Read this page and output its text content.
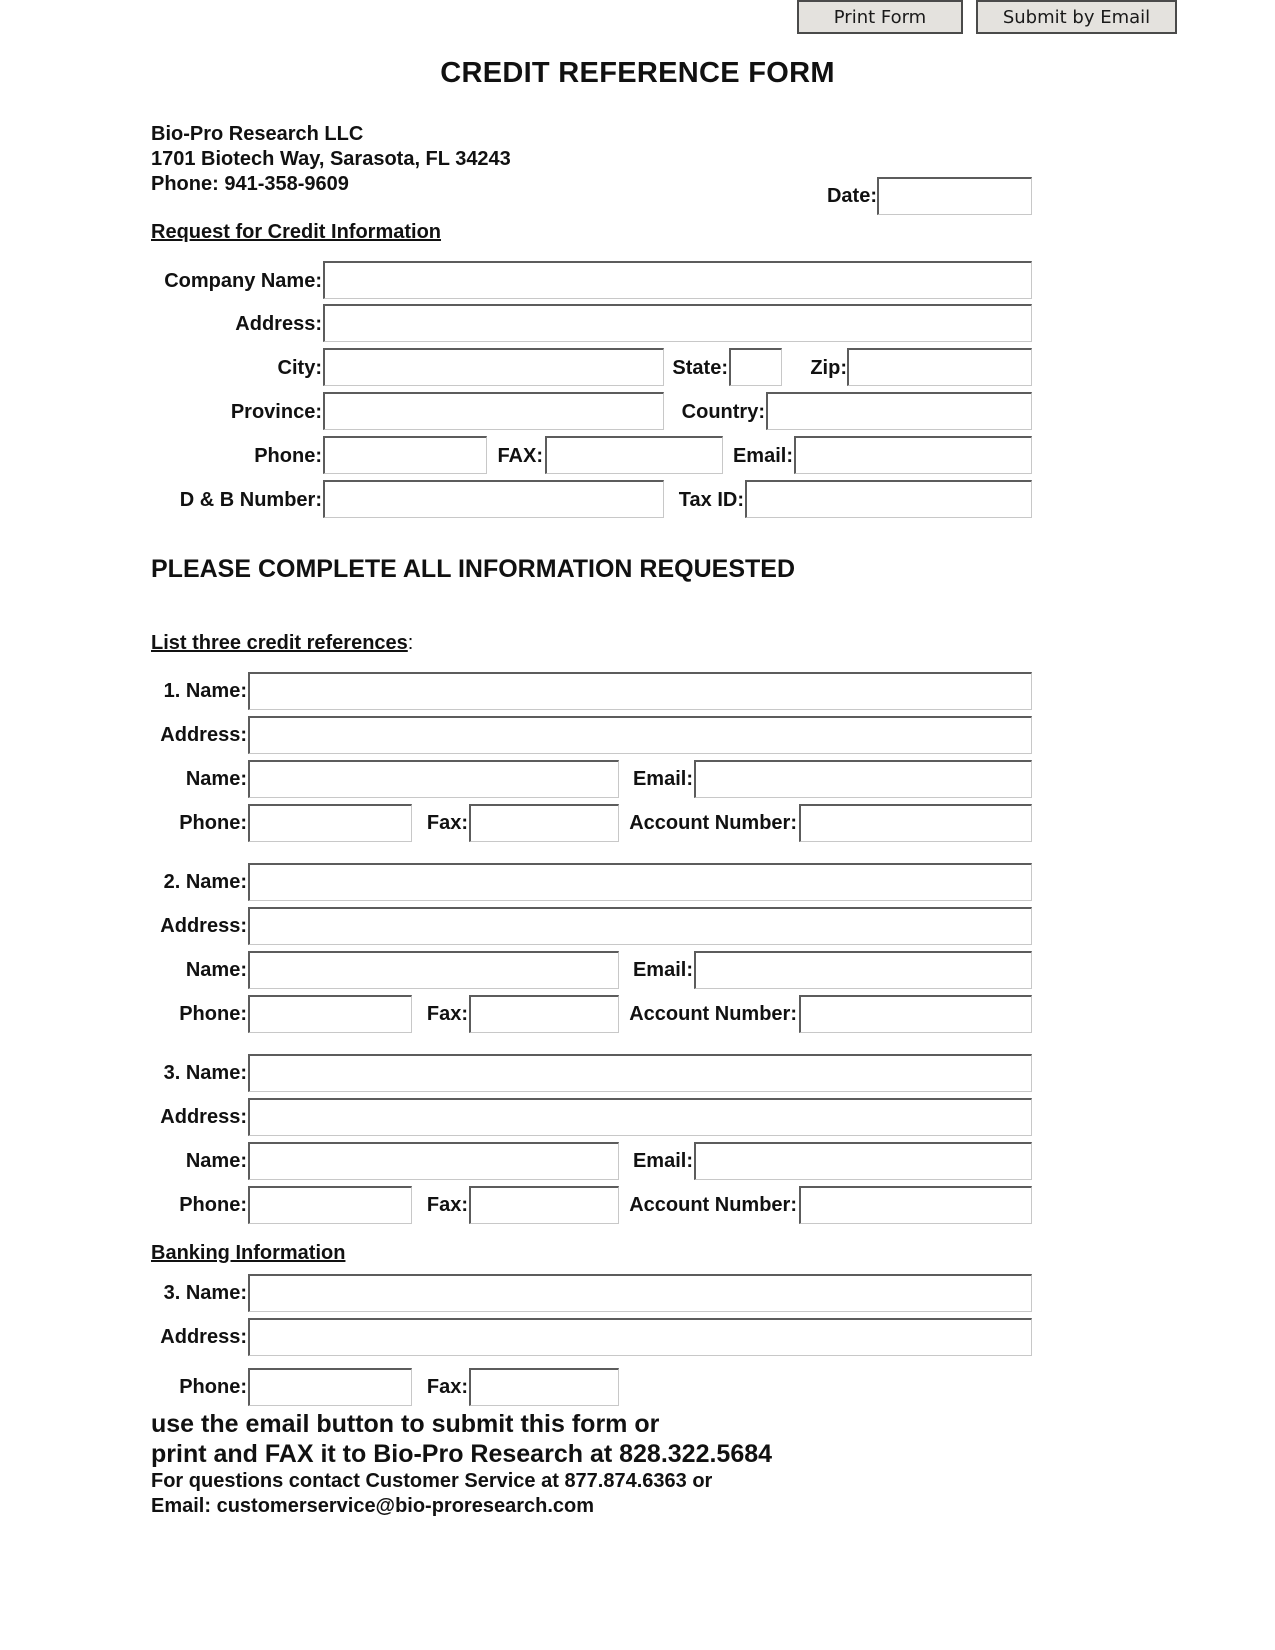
Print Form	Submit by Email
CREDIT REFERENCE FORM
Bio-Pro Research LLC
1701 Biotech Way, Sarasota, FL 34243
Phone: 941-358-9609
Date:
Request for Credit Information
Company Name:
Address:
City:	State:	Zip:
Province:	Country:
Phone:	FAX:	Email:
D & B Number:	Tax ID:
PLEASE COMPLETE ALL INFORMATION REQUESTED
List three credit references:
1. Name:
Address:
Name:	Email:
Phone:	Fax:	Account Number:
2. Name:
Address:
Name:	Email:
Phone:	Fax:	Account Number:
3. Name:
Address:
Name:	Email:
Phone:	Fax:	Account Number:
Banking Information
3. Name:
Address:
Phone:	Fax:
use the email button to submit this form or
print and FAX it to Bio-Pro Research at 828.322.5684
For questions contact Customer Service at 877.874.6363 or
Email: customerservice@bio-proresearch.com
